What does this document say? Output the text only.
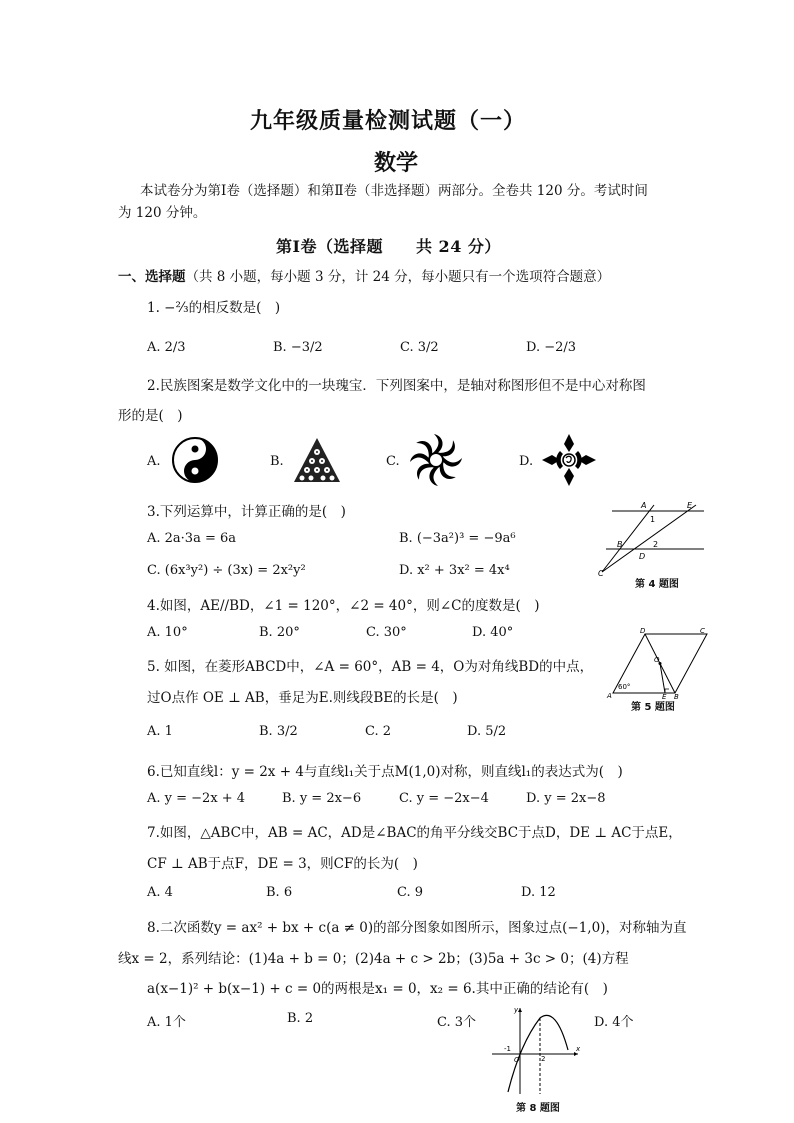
九年级质量检测试题（一）
数学
本试卷分为第Ⅰ卷（选择题）和第Ⅱ卷（非选择题）两部分。全卷共 120 分。考试时间
为 120 分钟。
第Ⅰ卷（选择题　　共 24 分）
一、选择题（共 8 小题，每小题 3 分，计 24 分，每小题只有一个选项符合题意）
1. −⅔的相反数是(　)
A. 2/3	B. −3/2	C. 3/2	D. −2/3
2.民族图案是数学文化中的一块瑰宝．下列图案中，是轴对称图形但不是中心对称图
形的是(　)
A.	B.	C.	D.
3.下列运算中，计算正确的是(　)
A. 2a·3a = 6a	B. (−3a²)³ = −9a⁶
C. (6x³y²) ÷ (3x) = 2x²y²	D. x² + 3x² = 4x⁴
A	E
1
B	2
D
C
第 4 题图
4.如图，AE//BD，∠1 = 120°，∠2 = 40°，则∠C的度数是(　)
A. 10°	B. 20°	C. 30°	D. 40°	D	C
O
A
60°
E B
第 5 题图
5. 如图，在菱形ABCD中，∠A = 60°，AB = 4，O为对角线BD的中点，
过O点作 OE ⊥ AB，垂足为E.则线段BE的长是(　)
A. 1	B. 3/2	C. 2	D. 5/2
6.已知直线l：y = 2x + 4与直线l₁关于点M(1,0)对称，则直线l₁的表达式为(　)
A. y = −2x + 4	B. y = 2x−6	C. y = −2x−4	D. y = 2x−8
7.如图，△ABC中，AB = AC，AD是∠BAC的角平分线交BC于点D，DE ⊥ AC于点E，
CF ⊥ AB于点F，DE = 3，则CF的长为(　)
A. 4	B. 6	C. 9	D. 12
8.二次函数y = ax² + bx + c(a ≠ 0)的部分图象如图所示，图象过点(−1,0)，对称轴为直
线x = 2，系列结论：(1)4a + b = 0；(2)4a + c > 2b；(3)5a + 3c > 0；(4)方程
a(x−1)² + b(x−1) + c = 0的两根是x₁ = 0，x₂ = 6.其中正确的结论有(　)
A. 1个	B. 2	C. 3个	D. 4个
y
x
-1
O	2
第 8 题图
